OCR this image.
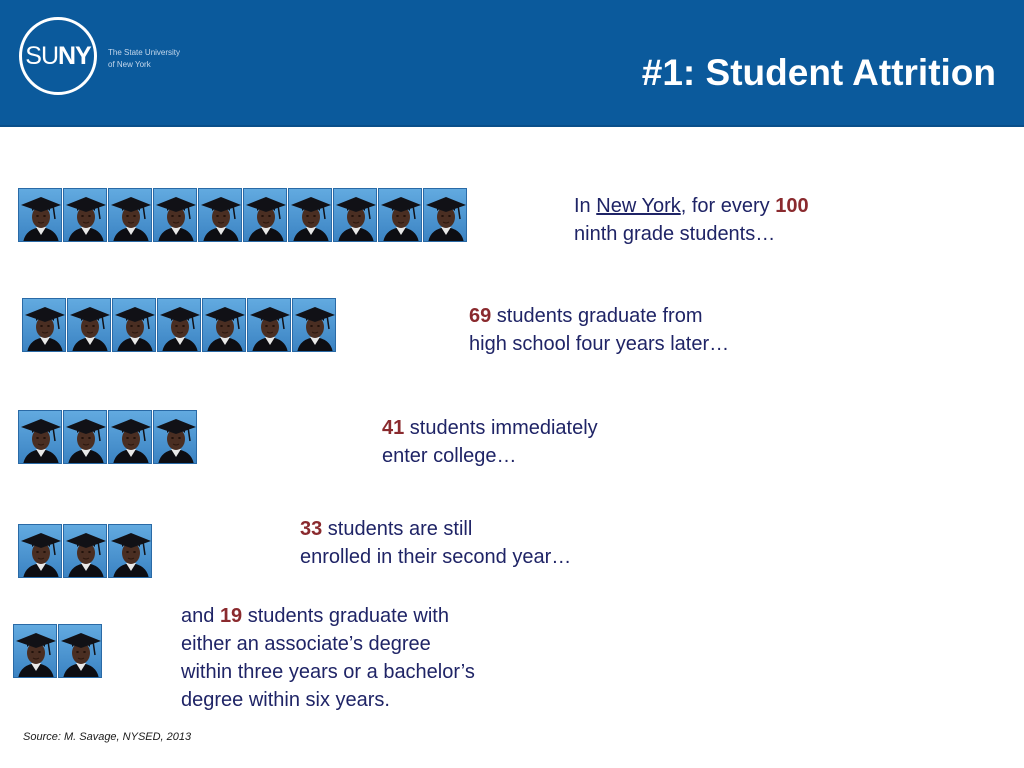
SUNY The State University
of New York	#1: Student Attrition
In New York, for every 100
ninth grade students…
69 students graduate from
high school four years later…
41 students immediately
enter college…
33 students are still
enrolled in their second year…
and 19 students graduate with
either an associate’s degree
within three years or a bachelor’s
degree within six years.
Source: M. Savage, NYSED, 2013
